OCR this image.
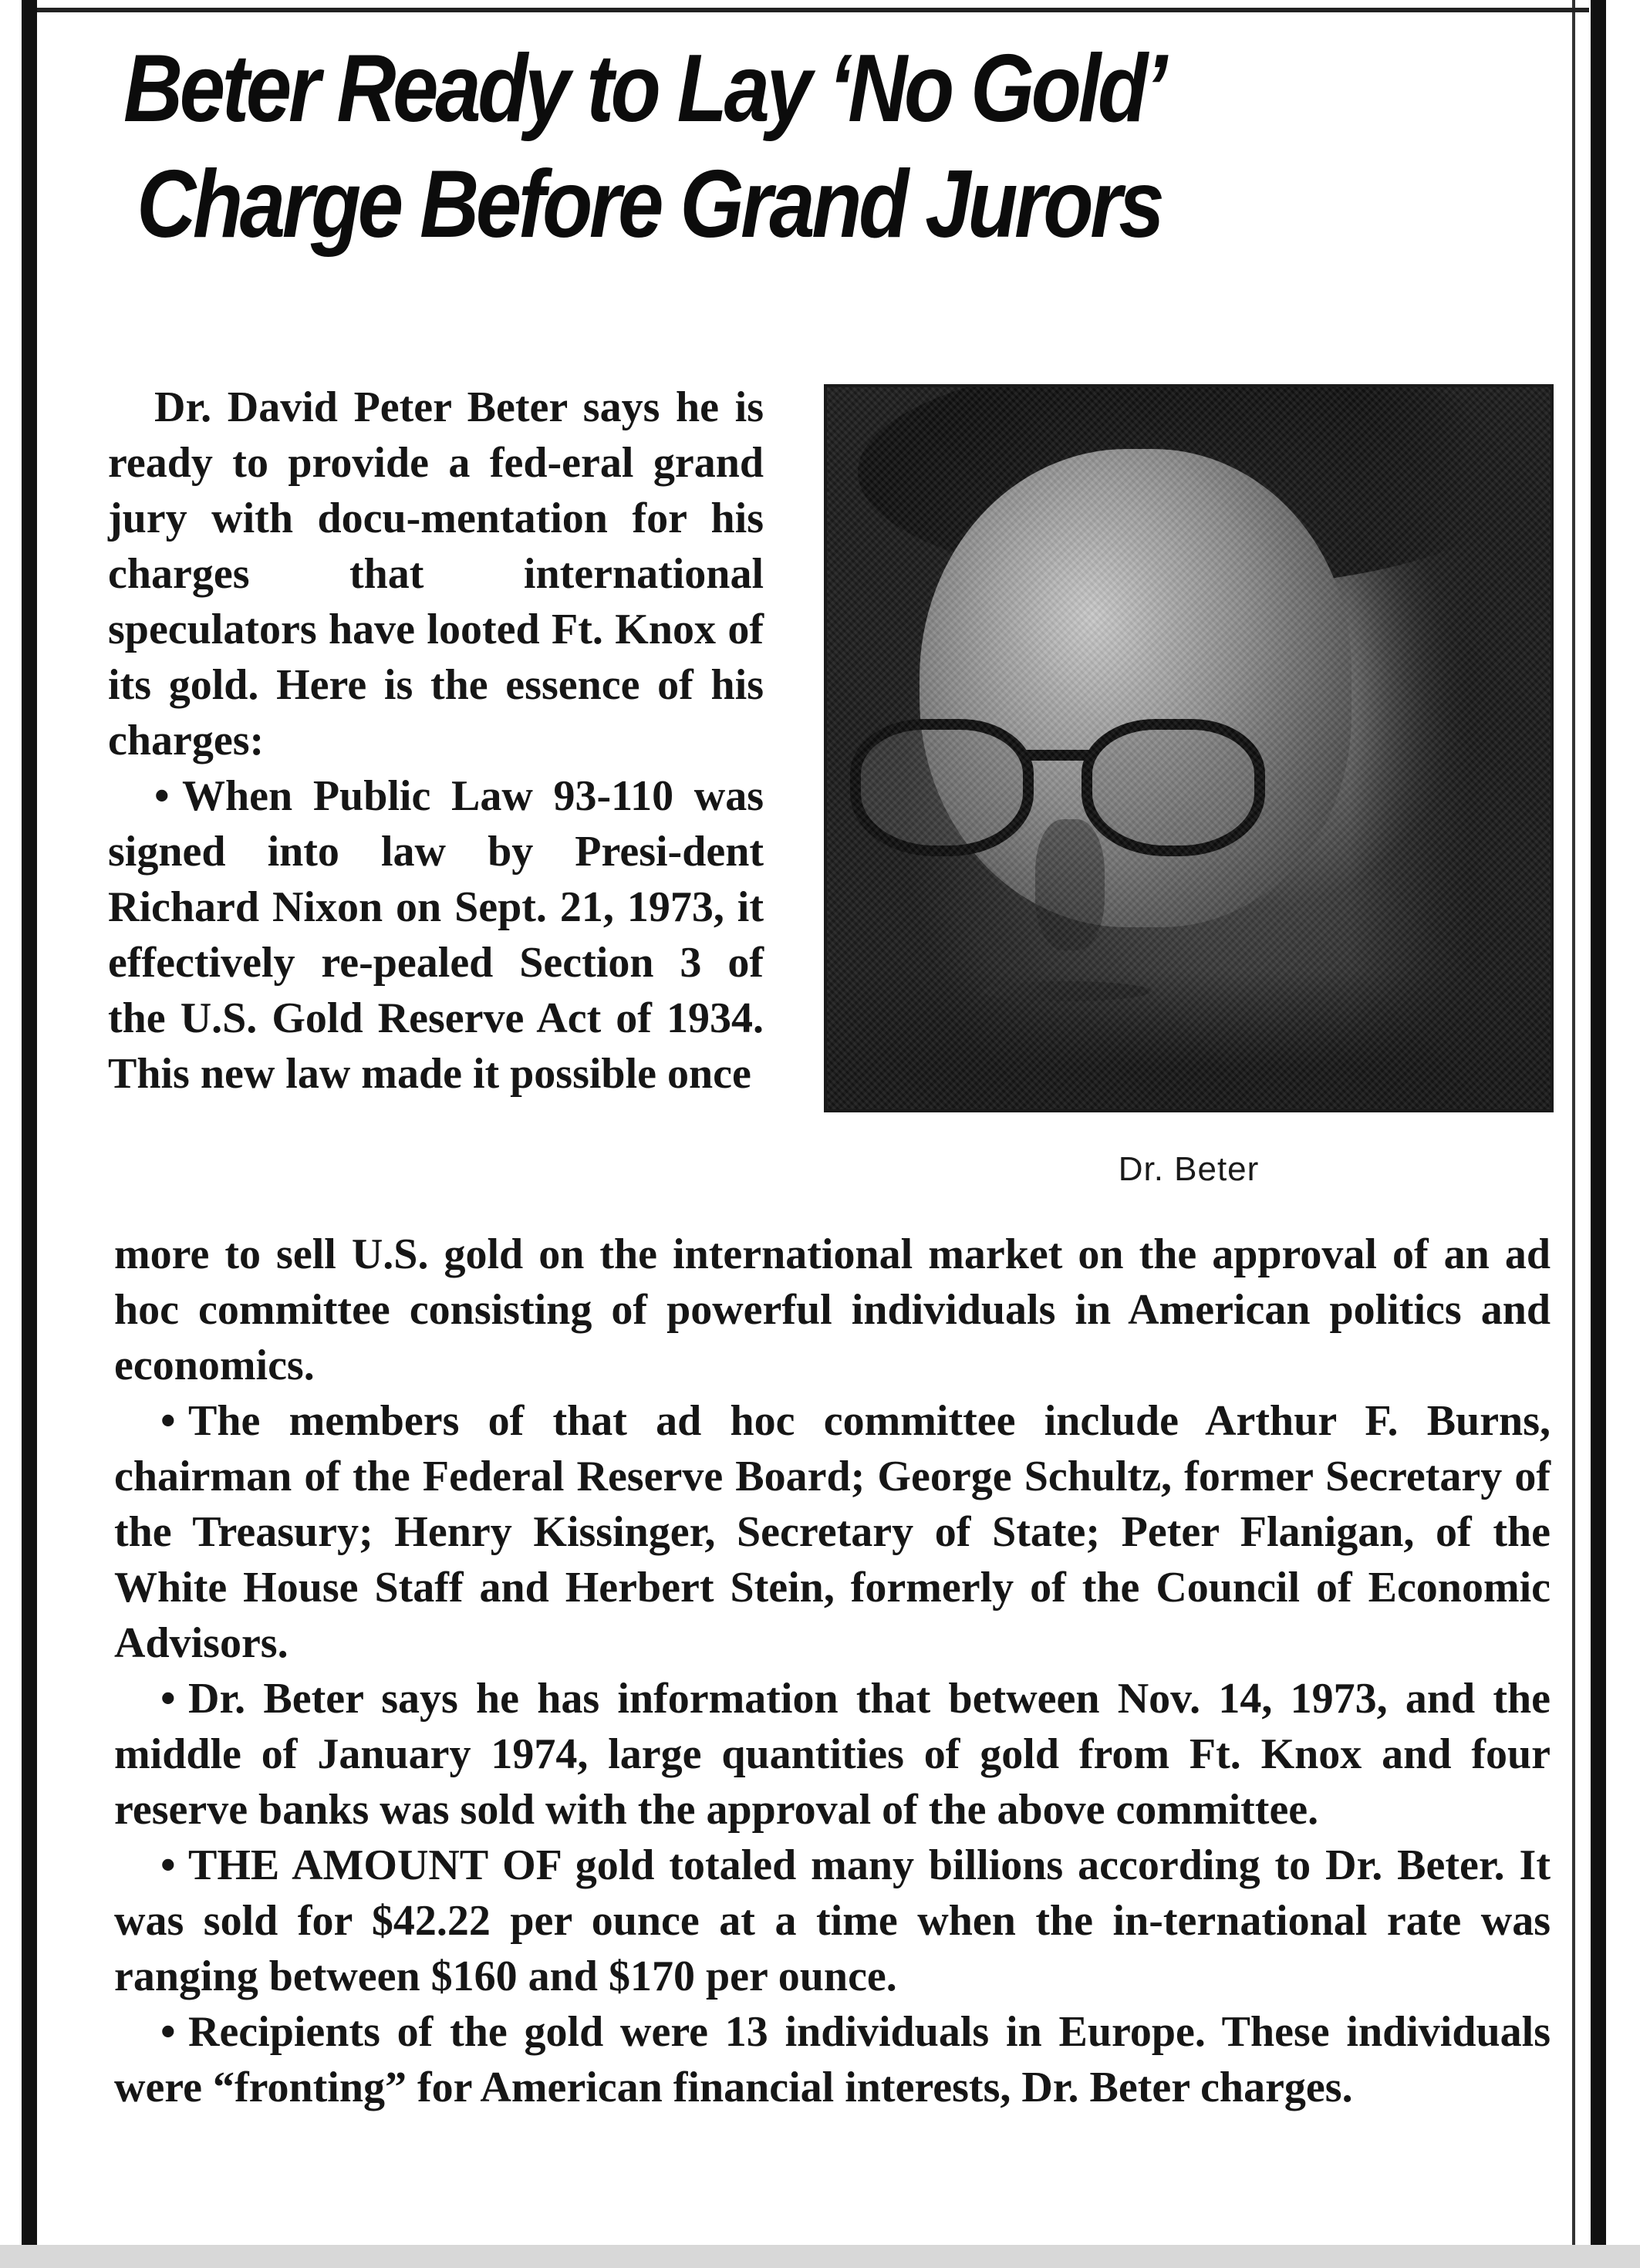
Beter Ready to Lay ‘No Gold’
Charge Before Grand Jurors

Dr. David Peter Beter says he is ready to provide a fed-eral grand jury with docu-mentation for his charges that international speculators have looted Ft. Knox of its gold. Here is the essence of his charges:

• When Public Law 93-110 was signed into law by Presi-dent Richard Nixon on Sept. 21, 1973, it effectively re-pealed Section 3 of the U.S. Gold Reserve Act of 1934. This new law made it possible once

Dr. Beter

more to sell U.S. gold on the international market on the approval of an ad hoc committee consisting of powerful individuals in American politics and economics.

• The members of that ad hoc committee include Arthur F. Burns, chairman of the Federal Reserve Board; George Schultz, former Secretary of the Treasury; Henry Kissinger, Secretary of State; Peter Flanigan, of the White House Staff and Herbert Stein, formerly of the Council of Economic Advisors.

• Dr. Beter says he has information that between Nov. 14, 1973, and the middle of January 1974, large quantities of gold from Ft. Knox and four reserve banks was sold with the approval of the above committee.

• THE AMOUNT OF gold totaled many billions according to Dr. Beter. It was sold for $42.22 per ounce at a time when the in-ternational rate was ranging between $160 and $170 per ounce.

• Recipients of the gold were 13 individuals in Europe. These individuals were “fronting” for American financial interests, Dr. Beter charges.
